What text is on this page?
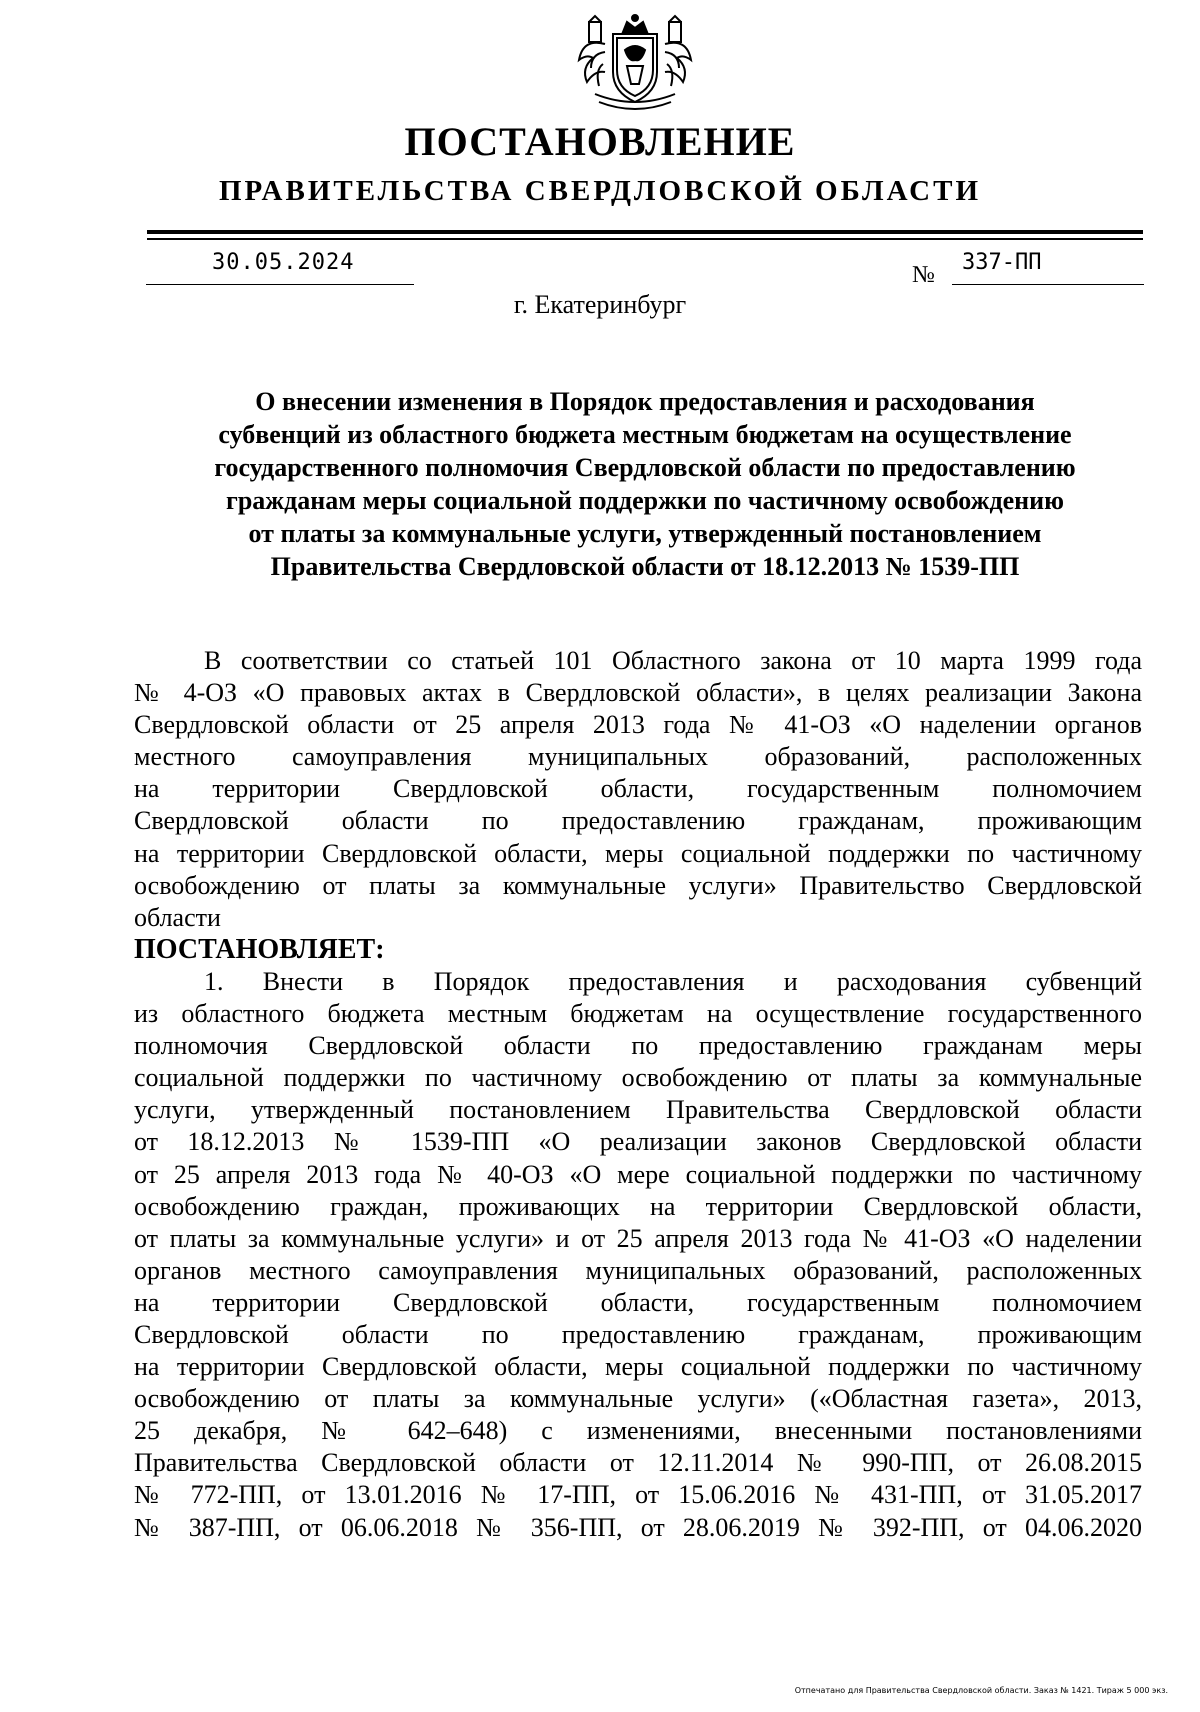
ПОСТАНОВЛЕНИЕ
ПРАВИТЕЛЬСТВА СВЕРДЛОВСКОЙ ОБЛАСТИ
30.05.2024	№ 337-ПП
г. Екатеринбург
О внесении изменения в Порядок предоставления и расходования
субвенций из областного бюджета местным бюджетам на осуществление
государственного полномочия Свердловской области по предоставлению
гражданам меры социальной поддержки по частичному освобождению
от платы за коммунальные услуги, утвержденный постановлением
Правительства Свердловской области от 18.12.2013 № 1539-ПП
В соответствии со статьей 101 Областного закона от 10 марта 1999 года
№ 4-ОЗ «О правовых актах в Свердловской области», в целях реализации Закона
Свердловской области от 25 апреля 2013 года № 41-ОЗ «О наделении органов
местного самоуправления муниципальных образований, расположенных
на территории Свердловской области, государственным полномочием
Свердловской области по предоставлению гражданам, проживающим
на территории Свердловской области, меры социальной поддержки по частичному
освобождению от платы за коммунальные услуги» Правительство Свердловской
области
ПОСТАНОВЛЯЕТ:
1. Внести в Порядок предоставления и расходования субвенций
из областного бюджета местным бюджетам на осуществление государственного
полномочия Свердловской области по предоставлению гражданам меры
социальной поддержки по частичному освобождению от платы за коммунальные
услуги, утвержденный постановлением Правительства Свердловской области
от 18.12.2013 № 1539-ПП «О реализации законов Свердловской области
от 25 апреля 2013 года № 40-ОЗ «О мере социальной поддержки по частичному
освобождению граждан, проживающих на территории Свердловской области,
от платы за коммунальные услуги» и от 25 апреля 2013 года № 41-ОЗ «О наделении
органов местного самоуправления муниципальных образований, расположенных
на территории Свердловской области, государственным полномочием
Свердловской области по предоставлению гражданам, проживающим
на территории Свердловской области, меры социальной поддержки по частичному
освобождению от платы за коммунальные услуги» («Областная газета», 2013,
25 декабря, № 642–648) с изменениями, внесенными постановлениями
Правительства Свердловской области от 12.11.2014 № 990-ПП, от 26.08.2015
№ 772-ПП, от 13.01.2016 № 17-ПП, от 15.06.2016 № 431-ПП, от 31.05.2017
№ 387-ПП, от 06.06.2018 № 356-ПП, от 28.06.2019 № 392-ПП, от 04.06.2020
Отпечатано для Правительства Свердловской области. Заказ № 1421. Тираж 5 000 экз.
